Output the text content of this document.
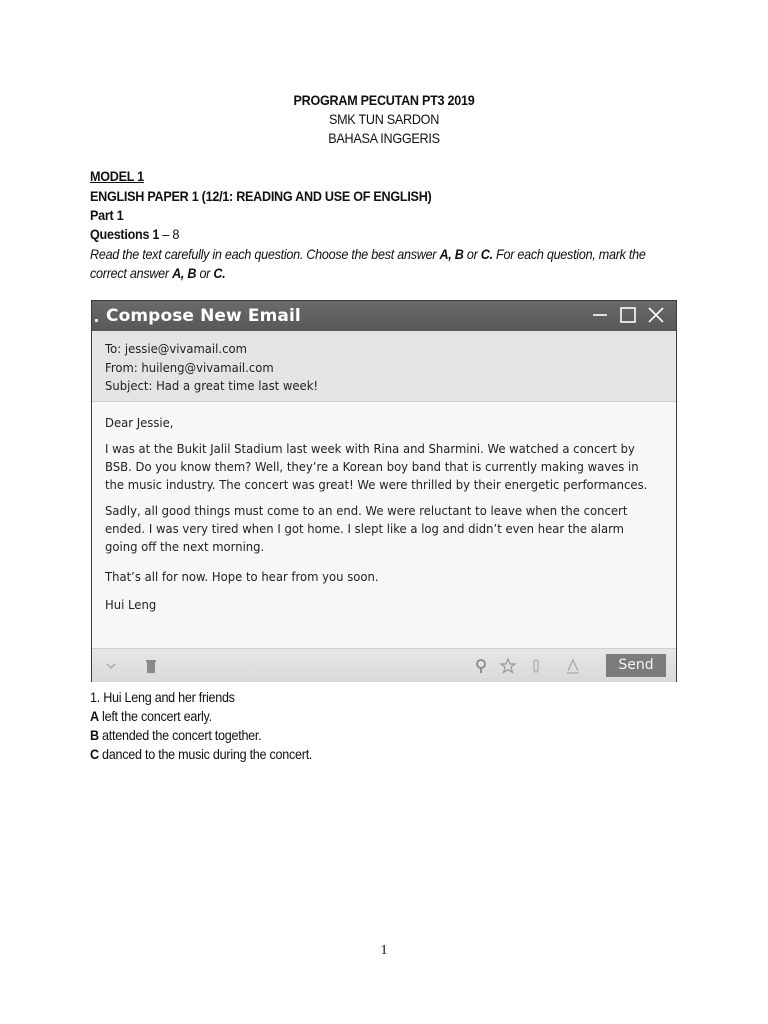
PROGRAM PECUTAN PT3 2019
SMK TUN SARDON
BAHASA INGGERIS
MODEL 1
ENGLISH PAPER 1 (12/1: READING AND USE OF ENGLISH)
Part 1
Questions 1 – 8
Read the text carefully in each question. Choose the best answer A, B or C. For each question, mark the correct answer A, B or C.
Compose New Email
To: jessie@vivamail.com
From: huileng@vivamail.com
Subject: Had a great time last week!
Dear Jessie,
I was at the Bukit Jalil Stadium last week with Rina and Sharmini. We watched a concert by
BSB. Do you know them? Well, they’re a Korean boy band that is currently making waves in
the music industry. The concert was great! We were thrilled by their energetic performances.
Sadly, all good things must come to an end. We were reluctant to leave when the concert
ended. I was very tired when I got home. I slept like a log and didn’t even hear the alarm
going off the next morning.
That’s all for now. Hope to hear from you soon.
Hui Leng
Send
1. Hui Leng and her friends
A left the concert early.
B attended the concert together.
C danced to the music during the concert.
1
